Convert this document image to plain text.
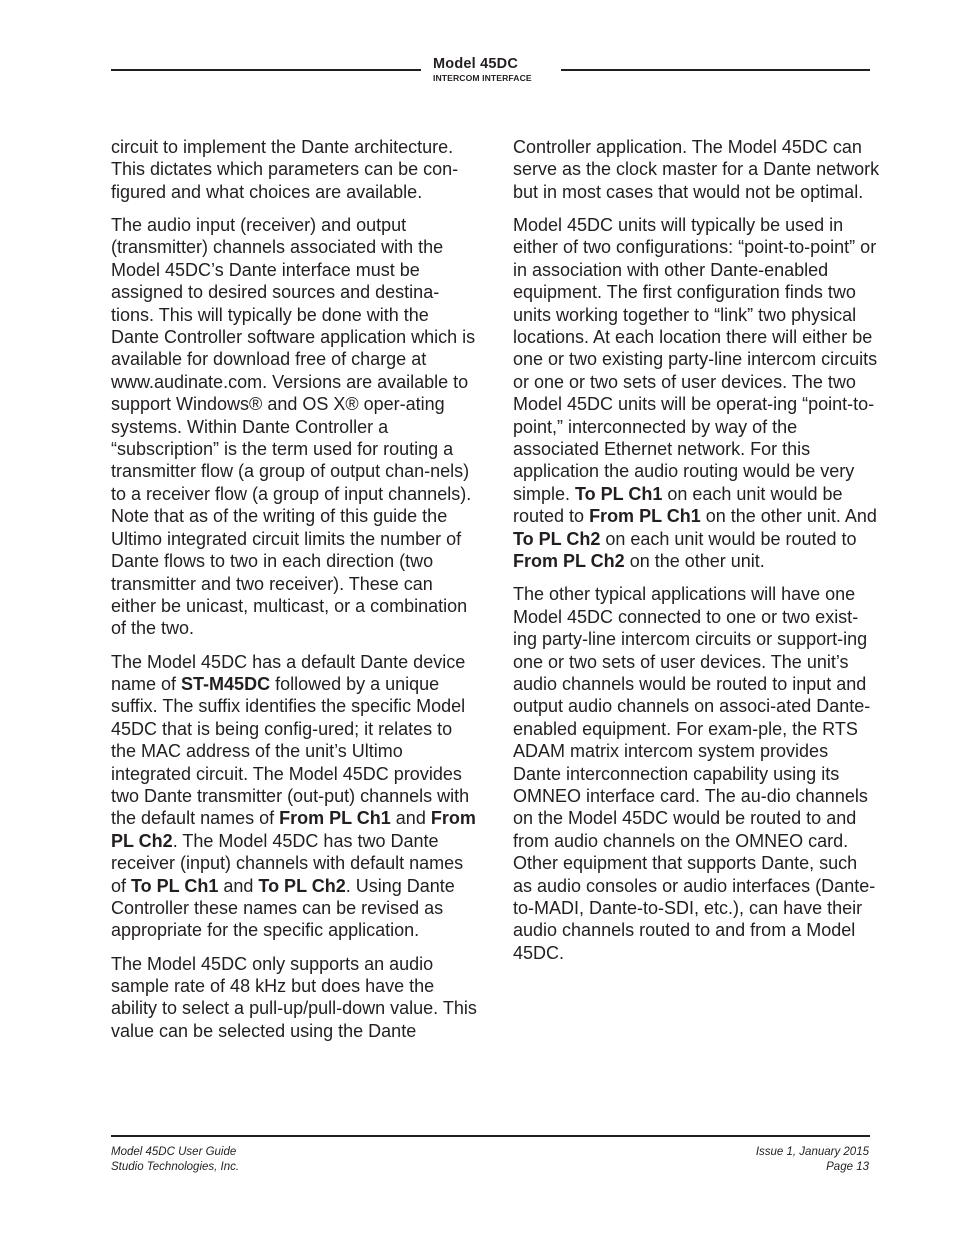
Model 45DC
INTERCOM INTERFACE

circuit to implement the Dante architecture. This dictates which parameters can be con-figured and what choices are available.

The audio input (receiver) and output (transmitter) channels associated with the Model 45DC’s Dante interface must be assigned to desired sources and destina-tions. This will typically be done with the Dante Controller software application which is available for download free of charge at www.audinate.com. Versions are available to support Windows® and OS X® oper-ating systems. Within Dante Controller a “subscription” is the term used for routing a transmitter flow (a group of output chan-nels) to a receiver flow (a group of input channels). Note that as of the writing of this guide the Ultimo integrated circuit limits the number of Dante flows to two in each direction (two transmitter and two receiver). These can either be unicast, multicast, or a combination of the two.

The Model 45DC has a default Dante device name of ST-M45DC followed by a unique suffix. The suffix identifies the specific Model 45DC that is being config-ured; it relates to the MAC address of the unit’s Ultimo integrated circuit. The Model 45DC provides two Dante transmitter (out-put) channels with the default names of From PL Ch1 and From PL Ch2. The Model 45DC has two Dante receiver (input) channels with default names of To PL Ch1 and To PL Ch2. Using Dante Controller these names can be revised as appropriate for the specific application.

The Model 45DC only supports an audio sample rate of 48 kHz but does have the ability to select a pull-up/pull-down value. This value can be selected using the Dante

Controller application. The Model 45DC can serve as the clock master for a Dante network but in most cases that would not be optimal.

Model 45DC units will typically be used in either of two configurations: “point-to-point” or in association with other Dante-enabled equipment. The first configuration finds two units working together to “link” two physical locations. At each location there will either be one or two existing party-line intercom circuits or one or two sets of user devices. The two Model 45DC units will be operat-ing “point-to-point,” interconnected by way of the associated Ethernet network. For this application the audio routing would be very simple. To PL Ch1 on each unit would be routed to From PL Ch1 on the other unit. And To PL Ch2 on each unit would be routed to From PL Ch2 on the other unit.

The other typical applications will have one Model 45DC connected to one or two exist-ing party-line intercom circuits or support-ing one or two sets of user devices. The unit’s audio channels would be routed to input and output audio channels on associ-ated Dante-enabled equipment. For exam-ple, the RTS ADAM matrix intercom system provides Dante interconnection capability using its OMNEO interface card. The au-dio channels on the Model 45DC would be routed to and from audio channels on the OMNEO card. Other equipment that supports Dante, such as audio consoles or audio interfaces (Dante-to-MADI, Dante-to-SDI, etc.), can have their audio channels routed to and from a Model 45DC.

Model 45DC User Guide
Studio Technologies, Inc.
Issue 1, January 2015
Page 13
